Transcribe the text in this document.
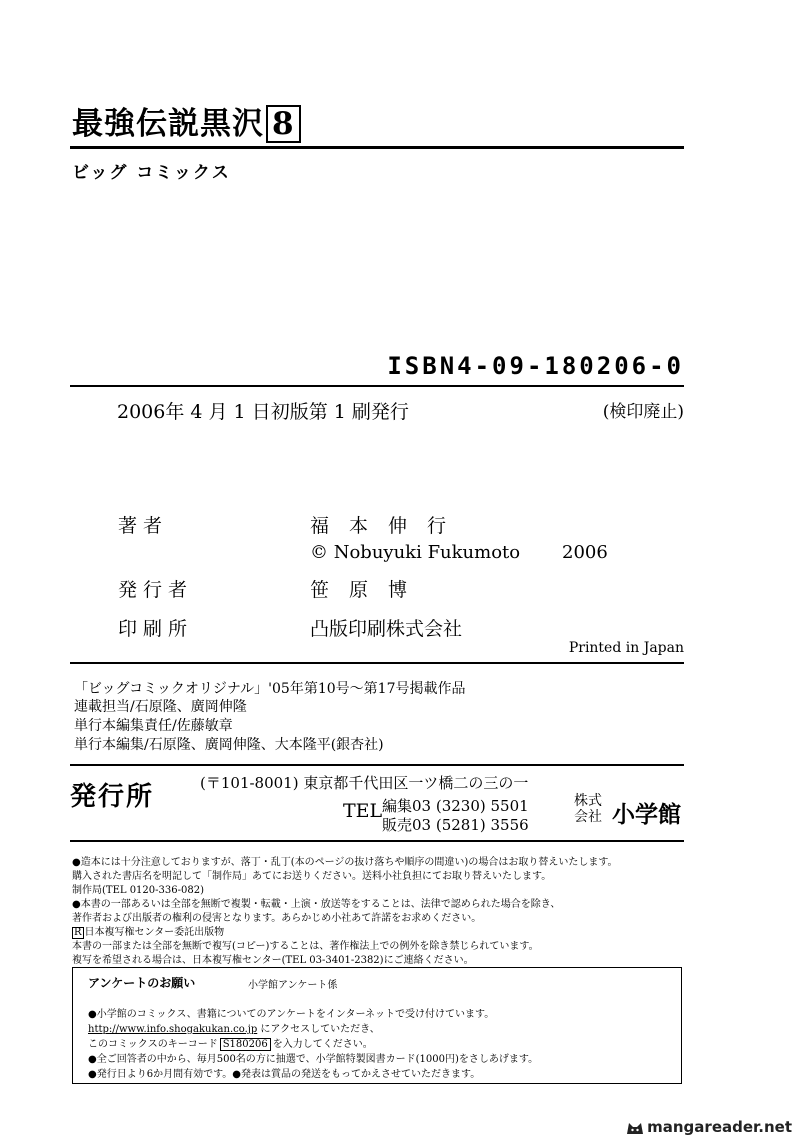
最強伝説黒沢 8
ビッグ コミックス
ISBN4-09-180206-0
2006年 4 月 1 日初版第 1 刷発行	(検印廃止)
著者	福本伸行
© Nobuyuki Fukumoto 2006
発行者	笹原博
印刷所	凸版印刷株式会社
Printed in Japan
「ビッグコミックオリジナル」'05年第10号〜第17号掲載作品
連載担当/石原隆、廣岡伸隆
単行本編集責任/佐藤敏章
単行本編集/石原隆、廣岡伸隆、大本隆平(銀杏社)
発行所	(〒101-8001) 東京都千代田区一ツ橋二の三の一
TEL 編集03 (3230) 5501
販売03 (5281) 3556
株式
会社 小学館
●造本には十分注意しておりますが、落丁・乱丁(本のページの抜け落ちや順序の間違い)の場合はお取り替えいたします。
購入された書店名を明記して「制作局」あてにお送りください。送料小社負担にてお取り替えいたします。
制作局(TEL 0120-336-082)
●本書の一部あるいは全部を無断で複製・転載・上演・放送等をすることは、法律で認められた場合を除き、
著作者および出版者の権利の侵害となります。あらかじめ小社あて許諾をお求めください。
R 日本複写権センター委託出版物
本書の一部または全部を無断で複写(コピー)することは、著作権法上での例外を除き禁じられています。
複写を希望される場合は、日本複写権センター(TEL 03-3401-2382)にご連絡ください。
アンケートのお願い	小学館アンケート係
●小学館のコミックス、書籍についてのアンケートをインターネットで受け付けています。
http://www.info.shogakukan.co.jp にアクセスしていただき、
このコミックスのキーコード S180206 を入力してください。
●全ご回答者の中から、毎月500名の方に抽選で、小学館特製図書カード(1000円)をさしあげます。
●発行日より6か月間有効です。●発表は賞品の発送をもってかえさせていただきます。
mangareader.net
